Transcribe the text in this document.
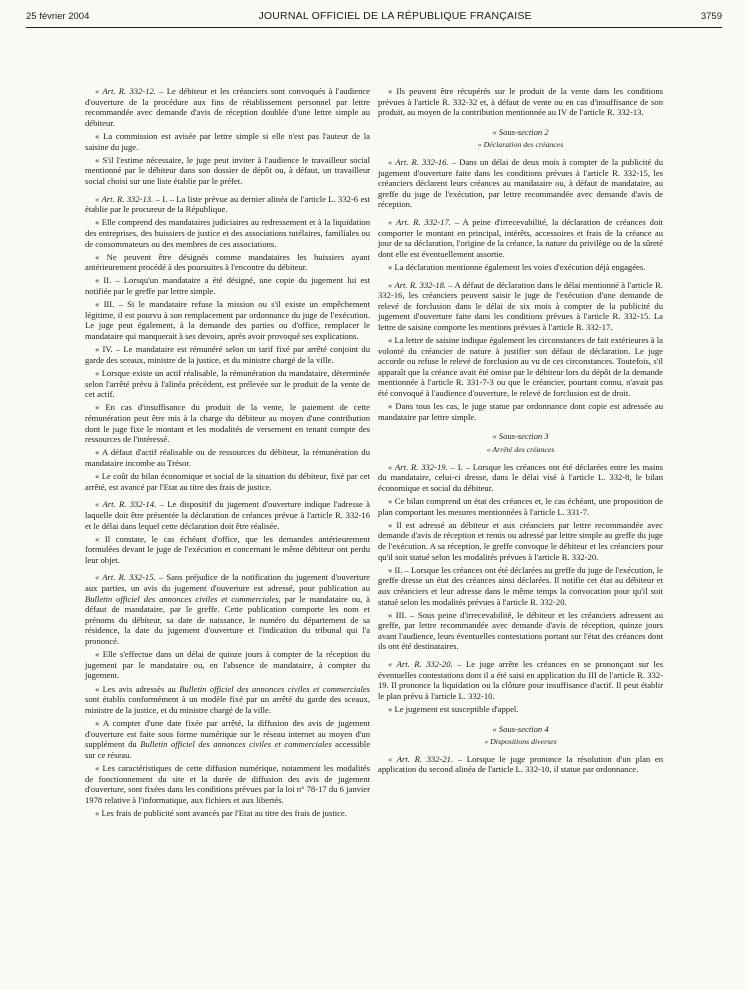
25 février 2004	JOURNAL OFFICIEL DE LA RÉPUBLIQUE FRANÇAISE	3759

« Art. R. 332-12. – Le débiteur et les créanciers sont convoqués à l'audience d'ouverture de la procédure aux fins de rétablissement personnel par lettre recommandée avec demande d'avis de réception doublée d'une lettre simple au débiteur.

« La commission est avisée par lettre simple si elle n'est pas l'auteur de la saisine du juge.

« S'il l'estime nécessaire, le juge peut inviter à l'audience le travailleur social mentionné par le débiteur dans son dossier de dépôt ou, à défaut, un travailleur social choisi sur une liste établie par le préfet.

« Art. R. 332-13. – I. – La liste prévue au dernier alinéa de l'article L. 332-6 est établie par le procureur de la République.

« Elle comprend des mandataires judiciaires au redressement et à la liquidation des entreprises, des huissiers de justice et des associations tutélaires, familiales ou de consommateurs ou des membres de ces associations.

« Ne peuvent être désignés comme mandataires les huissiers ayant antérieurement procédé à des poursuites à l'encontre du débiteur.

« II. – Lorsqu'un mandataire a été désigné, une copie du jugement lui est notifiée par le greffe par lettre simple.

« III. – Si le mandataire refuse la mission ou s'il existe un empêchement légitime, il est pourvu à son remplacement par ordonnance du juge de l'exécution. Le juge peut également, à la demande des parties ou d'office, remplacer le mandataire qui manquerait à ses devoirs, après avoir provoqué ses explications.

« IV. – Le mandataire est rémunéré selon un tarif fixé par arrêté conjoint du garde des sceaux, ministre de la justice, et du ministre chargé de la ville.

« Lorsque existe un actif réalisable, la rémunération du mandataire, déterminée selon l'arrêté prévu à l'alinéa précédent, est prélevée sur le produit de la vente de cet actif.

« En cas d'insuffisance du produit de la vente, le paiement de cette rémunération peut être mis à la charge du débiteur au moyen d'une contribution dont le juge fixe le montant et les modalités de versement en tenant compte des ressources de l'intéressé.

« A défaut d'actif réalisable ou de ressources du débiteur, la rémunération du mandataire incombe au Trésor.

« Le coût du bilan économique et social de la situation du débiteur, fixé par cet arrêté, est avancé par l'Etat au titre des frais de justice.

« Art. R. 332-14. – Le dispositif du jugement d'ouverture indique l'adresse à laquelle doit être présentée la déclaration de créances prévue à l'article R. 332-16 et le délai dans lequel cette déclaration doit être réalisée.

« Il constate, le cas échéant d'office, que les demandes antérieurement formulées devant le juge de l'exécution et concernant le même débiteur ont perdu leur objet.

« Art. R. 332-15. – Sans préjudice de la notification du jugement d'ouverture aux parties, un avis du jugement d'ouverture est adressé, pour publication au Bulletin officiel des annonces civiles et commerciales, par le mandataire ou, à défaut de mandataire, par le greffe. Cette publication comporte les nom et prénoms du débiteur, sa date de naissance, le numéro du département de sa résidence, la date du jugement d'ouverture et l'indication du tribunal qui l'a prononcé.

« Elle s'effectue dans un délai de quinze jours à compter de la réception du jugement par le mandataire ou, en l'absence de mandataire, à compter du jugement.

« Les avis adressés au Bulletin officiel des annonces civiles et commerciales sont établis conformément à un modèle fixé par un arrêté du garde des sceaux, ministre de la justice, et du ministre chargé de la ville.

« A compter d'une date fixée par arrêté, la diffusion des avis de jugement d'ouverture est faite sous forme numérique sur le réseau internet au moyen d'un supplément du Bulletin officiel des annonces civiles et commerciales accessible sur ce réseau.

« Les caractéristiques de cette diffusion numérique, notamment les modalités de fonctionnement du site et la durée de diffusion des avis de jugement d'ouverture, sont fixées dans les conditions prévues par la loi n° 78-17 du 6 janvier 1978 relative à l'informatique, aux fichiers et aux libertés.

« Les frais de publicité sont avancés par l'Etat au titre des frais de justice.

« Ils peuvent être récupérés sur le produit de la vente dans les conditions prévues à l'article R. 332-32 et, à défaut de vente ou en cas d'insuffisance de son produit, au moyen de la contribution mentionnée au IV de l'article R. 332-13.

« Sous-section 2
« Déclaration des créances

« Art. R. 332-16. – Dans un délai de deux mois à compter de la publicité du jugement d'ouverture faite dans les conditions prévues à l'article R. 332-15, les créanciers déclarent leurs créances au mandataire ou, à défaut de mandataire, au greffe du juge de l'exécution, par lettre recommandée avec demande d'avis de réception.

« Art. R. 332-17. – A peine d'irrecevabilité, la déclaration de créances doit comporter le montant en principal, intérêts, accessoires et frais de la créance au jour de sa déclaration, l'origine de la créance, la nature du privilège ou de la sûreté dont elle est éventuellement assortie.

« La déclaration mentionne également les voies d'exécution déjà engagées.

« Art. R. 332-18. – A défaut de déclaration dans le délai mentionné à l'article R. 332-16, les créanciers peuvent saisir le juge de l'exécution d'une demande de relevé de forclusion dans le délai de six mois à compter de la publicité du jugement d'ouverture faite dans les conditions prévues à l'article R. 332-15. La lettre de saisine comporte les mentions prévues à l'article R. 332-17.

« La lettre de saisine indique également les circonstances de fait extérieures à la volonté du créancier de nature à justifier son défaut de déclaration. Le juge accorde ou refuse le relevé de forclusion au vu de ces circonstances. Toutefois, s'il apparaît que la créance avait été omise par le débiteur lors du dépôt de la demande mentionnée à l'article R. 331-7-3 ou que le créancier, pourtant connu, n'avait pas été convoqué à l'audience d'ouverture, le relevé de forclusion est de droit.

« Dans tous les cas, le juge statue par ordonnance dont copie est adressée au mandataire par lettre simple.

« Sous-section 3
« Arrêté des créances

« Art. R. 332-19. – I. – Lorsque les créances ont été déclarées entre les mains du mandataire, celui-ci dresse, dans le délai visé à l'article L. 332-8, le bilan économique et social du débiteur.

« Ce bilan comprend un état des créances et, le cas échéant, une proposition de plan comportant les mesures mentionnées à l'article L. 331-7.

« Il est adressé au débiteur et aux créanciers par lettre recommandée avec demande d'avis de réception et remis ou adressé par lettre simple au greffe du juge de l'exécution. A sa réception, le greffe convoque le débiteur et les créanciers pour qu'il soit statué selon les modalités prévues à l'article R. 332-20.

« II. – Lorsque les créances ont été déclarées au greffe du juge de l'exécution, le greffe dresse un état des créances ainsi déclarées. Il notifie cet état au débiteur et aux créanciers et leur adresse dans le même temps la convocation pour qu'il soit statué selon les modalités prévues à l'article R. 332-20.

« III. – Sous peine d'irrecevabilité, le débiteur et les créanciers adressent au greffe, par lettre recommandée avec demande d'avis de réception, quinze jours avant l'audience, leurs éventuelles contestations portant sur l'état des créances dont ils ont été destinataires.

« Art. R. 332-20. – Le juge arrête les créances en se prononçant sur les éventuelles contestations dont il a été saisi en application du III de l'article R. 332-19. Il prononce la liquidation ou la clôture pour insuffisance d'actif. Il peut établir le plan prévu à l'article L. 332-10.

« Le jugement est susceptible d'appel.

« Sous-section 4
« Dispositions diverses

« Art. R. 332-21. – Lorsque le juge prononce la résolution d'un plan en application du second alinéa de l'article L. 332-10, il statue par ordonnance.
